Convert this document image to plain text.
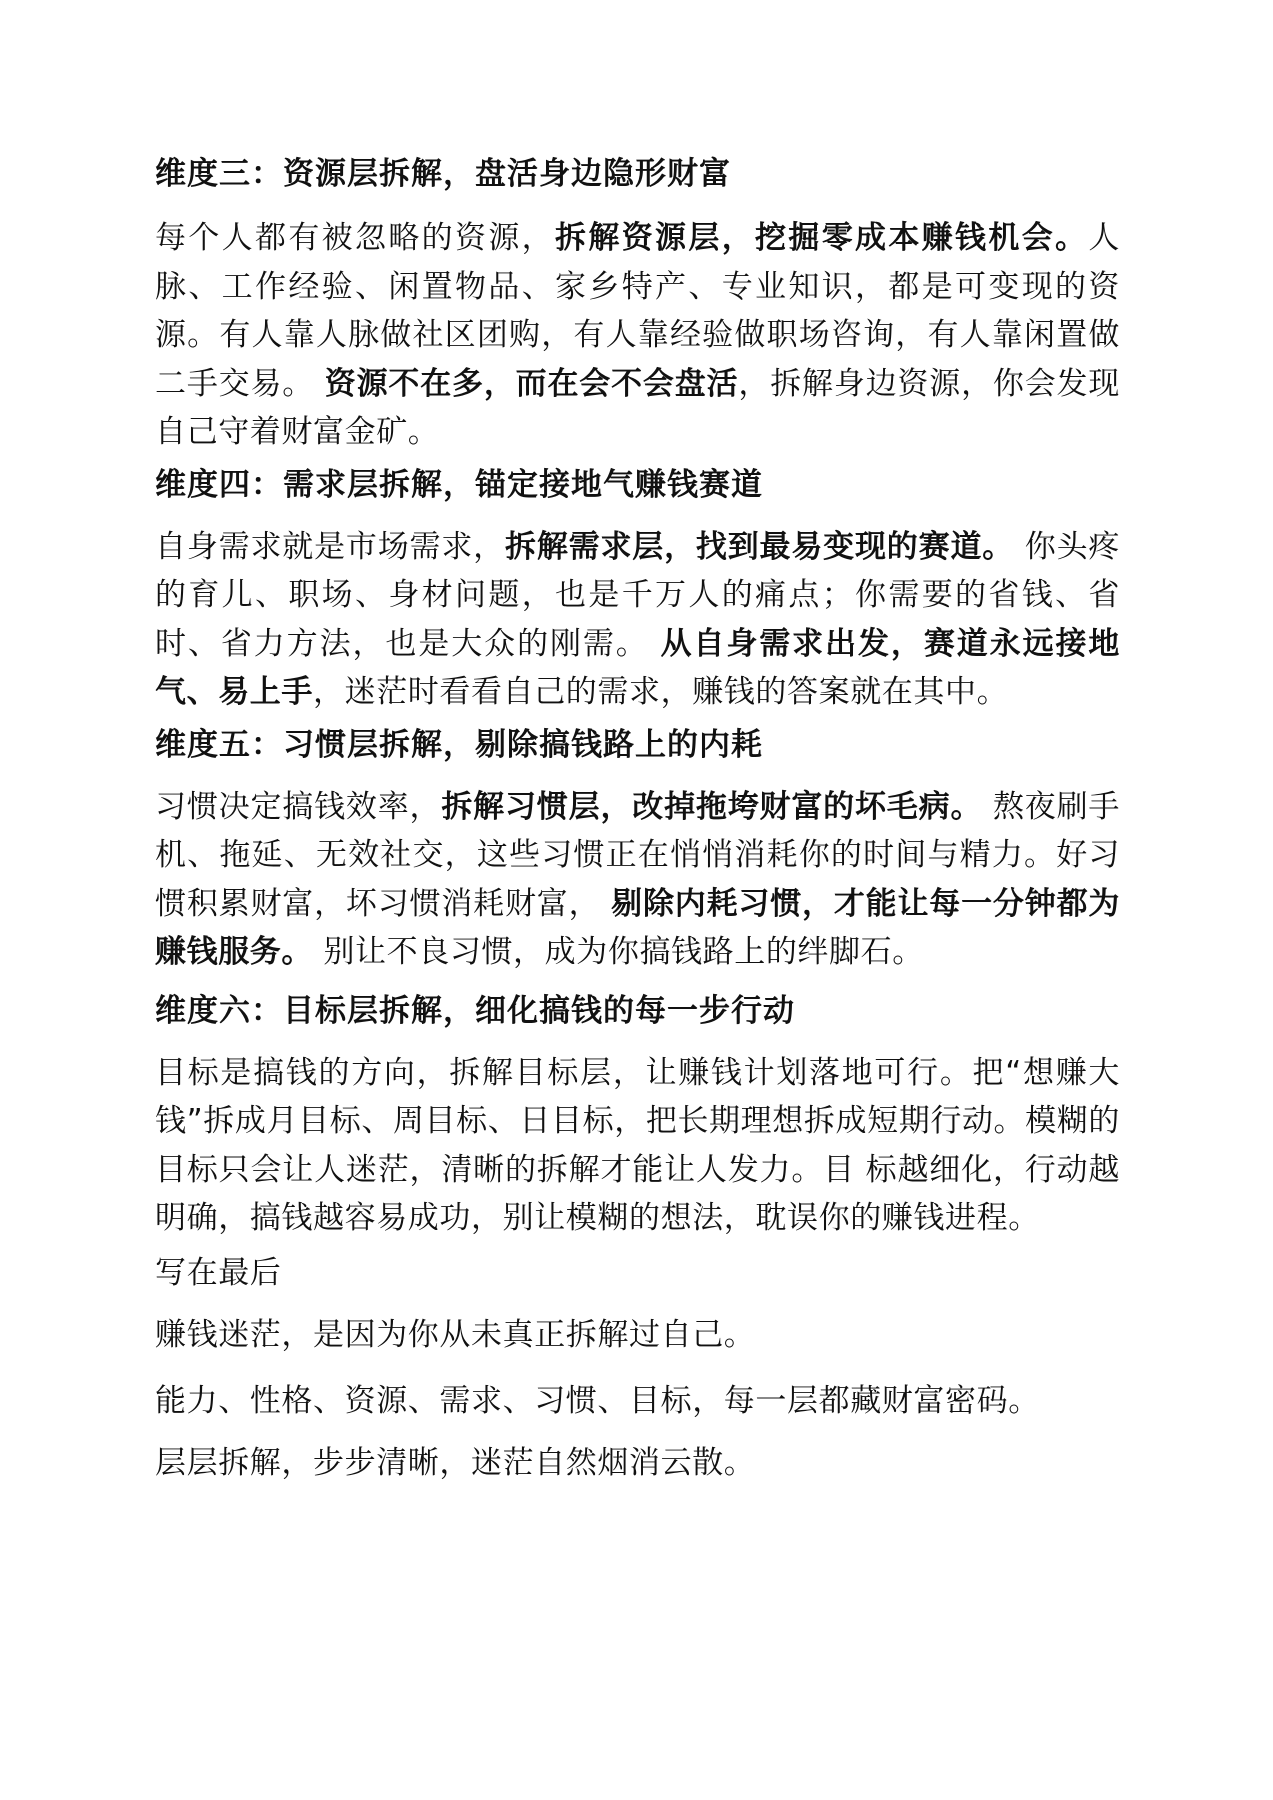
维度三：资源层拆解，盘活身边隐形财富

每个人都有被忽略的资源，拆解资源层，挖掘零成本赚钱机会。人脉、工作经验、闲置物品、家乡特产、专业知识，都是可变现的资源。有人靠人脉做社区团购，有人靠经验做职场咨询，有人靠闲置做二手交易。 资源不在多，而在会不会盘活，拆解身边资源，你会发现自己守着财富金矿。

维度四：需求层拆解，锚定接地气赚钱赛道

自身需求就是市场需求，拆解需求层，找到最易变现的赛道。 你头疼的育儿、职场、身材问题，也是千万人的痛点；你需要的省钱、省时、省力方法，也是大众的刚需。 从自身需求出发，赛道永远接地气、易上手，迷茫时看看自己的需求，赚钱的答案就在其中。

维度五：习惯层拆解，剔除搞钱路上的内耗

习惯决定搞钱效率，拆解习惯层，改掉拖垮财富的坏毛病。 熬夜刷手机、拖延、无效社交，这些习惯正在悄悄消耗你的时间与精力。好习惯积累财富，坏习惯消耗财富， 剔除内耗习惯，才能让每一分钟都为赚钱服务。 别让不良习惯，成为你搞钱路上的绊脚石。

维度六：目标层拆解，细化搞钱的每一步行动

目标是搞钱的方向，拆解目标层，让赚钱计划落地可行。把“想赚大钱”拆成月目标、周目标、日目标，把长期理想拆成短期行动。模糊的目标只会让人迷茫，清晰的拆解才能让人发力。目 标越细化，行动越明确，搞钱越容易成功，别让模糊的想法，耽误你的赚钱进程。

写在最后

赚钱迷茫，是因为你从未真正拆解过自己。

能力、性格、资源、需求、习惯、目标，每一层都藏财富密码。

层层拆解，步步清晰，迷茫自然烟消云散。
